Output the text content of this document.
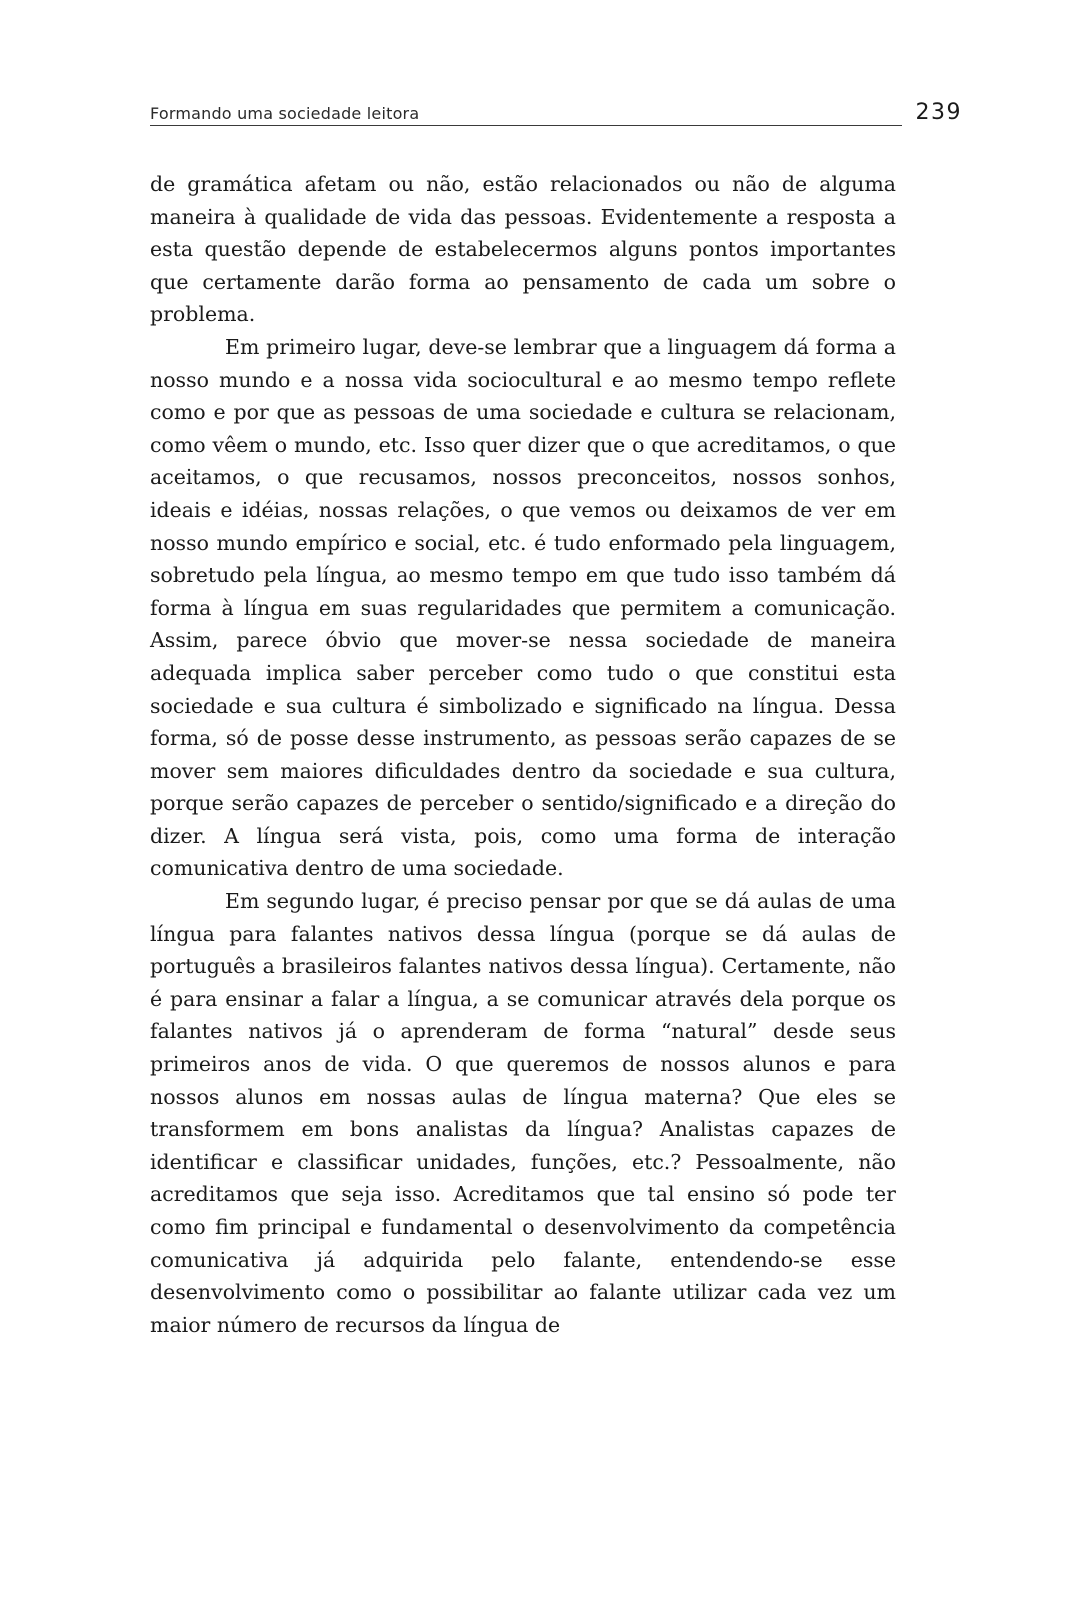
Formando uma sociedade leitora	239

de gramática afetam ou não, estão relacionados ou não de alguma maneira à qualidade de vida das pessoas. Evidentemente a resposta a esta questão depende de estabelecermos alguns pontos importantes que certamente darão forma ao pensamento de cada um sobre o problema.

Em primeiro lugar, deve-se lembrar que a linguagem dá forma a nosso mundo e a nossa vida sociocultural e ao mesmo tempo reflete como e por que as pessoas de uma sociedade e cultura se relacionam, como vêem o mundo, etc. Isso quer dizer que o que acreditamos, o que aceitamos, o que recusamos, nossos preconceitos, nossos sonhos, ideais e idéias, nossas relações, o que vemos ou deixamos de ver em nosso mundo empírico e social, etc. é tudo enformado pela linguagem, sobretudo pela língua, ao mesmo tempo em que tudo isso também dá forma à língua em suas regularidades que permitem a comunicação. Assim, parece óbvio que mover-se nessa sociedade de maneira adequada implica saber perceber como tudo o que constitui esta sociedade e sua cultura é simbolizado e significado na língua. Dessa forma, só de posse desse instrumento, as pessoas serão capazes de se mover sem maiores dificuldades dentro da sociedade e sua cultura, porque serão capazes de perceber o sentido/significado e a direção do dizer. A língua será vista, pois, como uma forma de interação comunicativa dentro de uma sociedade.

Em segundo lugar, é preciso pensar por que se dá aulas de uma língua para falantes nativos dessa língua (porque se dá aulas de português a brasileiros falantes nativos dessa língua). Certamente, não é para ensinar a falar a língua, a se comunicar através dela porque os falantes nativos já o aprenderam de forma “natural” desde seus primeiros anos de vida. O que queremos de nossos alunos e para nossos alunos em nossas aulas de língua materna? Que eles se transformem em bons analistas da língua? Analistas capazes de identificar e classificar unidades, funções, etc.? Pessoalmente, não acreditamos que seja isso. Acreditamos que tal ensino só pode ter como fim principal e fundamental o desenvolvimento da competência comunicativa já adquirida pelo falante, entendendo-se esse desenvolvimento como o possibilitar ao falante utilizar cada vez um maior número de recursos da língua de
